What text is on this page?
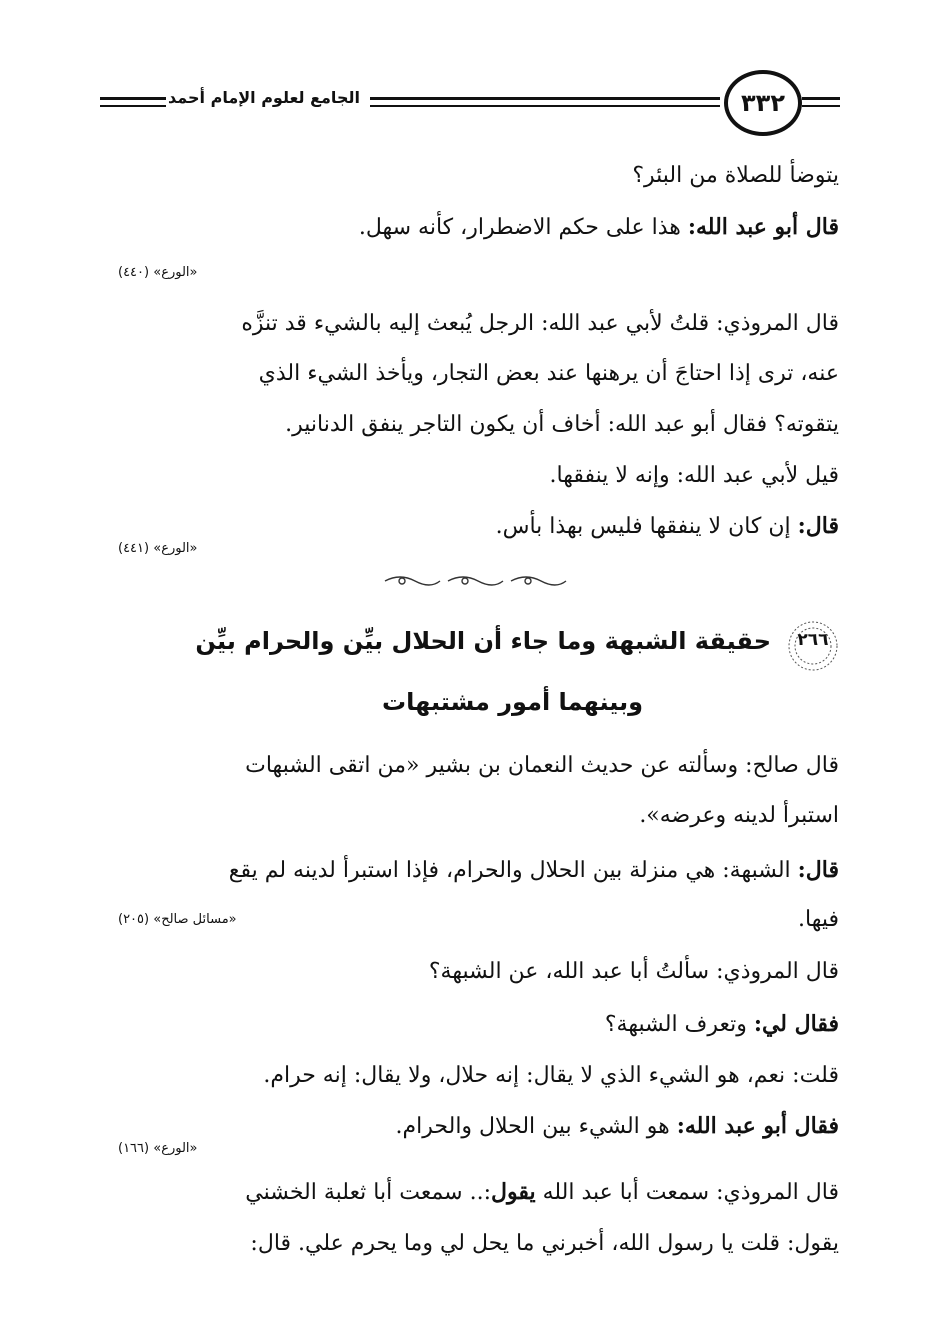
٣٣٢
الجامع لعلوم الإمام أحمد
يتوضأ للصلاة من البئر؟
قال أبو عبد الله: هذا على حكم الاضطرار، كأنه سهل.
«الورع» (٤٤٠)
قال المروذي: قلتُ لأبي عبد الله: الرجل يُبعث إليه بالشيء قد تنزَّه
عنه، ترى إذا احتاجَ أن يرهنها عند بعض التجار، ويأخذ الشيء الذي
يتقوته؟ فقال أبو عبد الله: أخاف أن يكون التاجر ينفق الدنانير.
قيل لأبي عبد الله: وإنه لا ينفقها.
قال: إن كان لا ينفقها فليس بهذا بأس.
«الورع» (٤٤١)
٢٦٦
حقيقة الشبهة وما جاء أن الحلال بيِّن والحرام بيِّن
وبينهما أمور مشتبهات
قال صالح: وسألته عن حديث النعمان بن بشير «من اتقى الشبهات
استبرأ لدينه وعرضه».
قال: الشبهة: هي منزلة بين الحلال والحرام، فإذا استبرأ لدينه لم يقع
فيها.
«مسائل صالح» (٢٠٥)
قال المروذي: سألتُ أبا عبد الله، عن الشبهة؟
فقال لي: وتعرف الشبهة؟
قلت: نعم، هو الشيء الذي لا يقال: إنه حلال، ولا يقال: إنه حرام.
فقال أبو عبد الله: هو الشيء بين الحلال والحرام.
«الورع» (١٦٦)
قال المروذي: سمعت أبا عبد الله يقول:.. سمعت أبا ثعلبة الخشني
يقول: قلت يا رسول الله، أخبرني ما يحل لي وما يحرم علي. قال:
